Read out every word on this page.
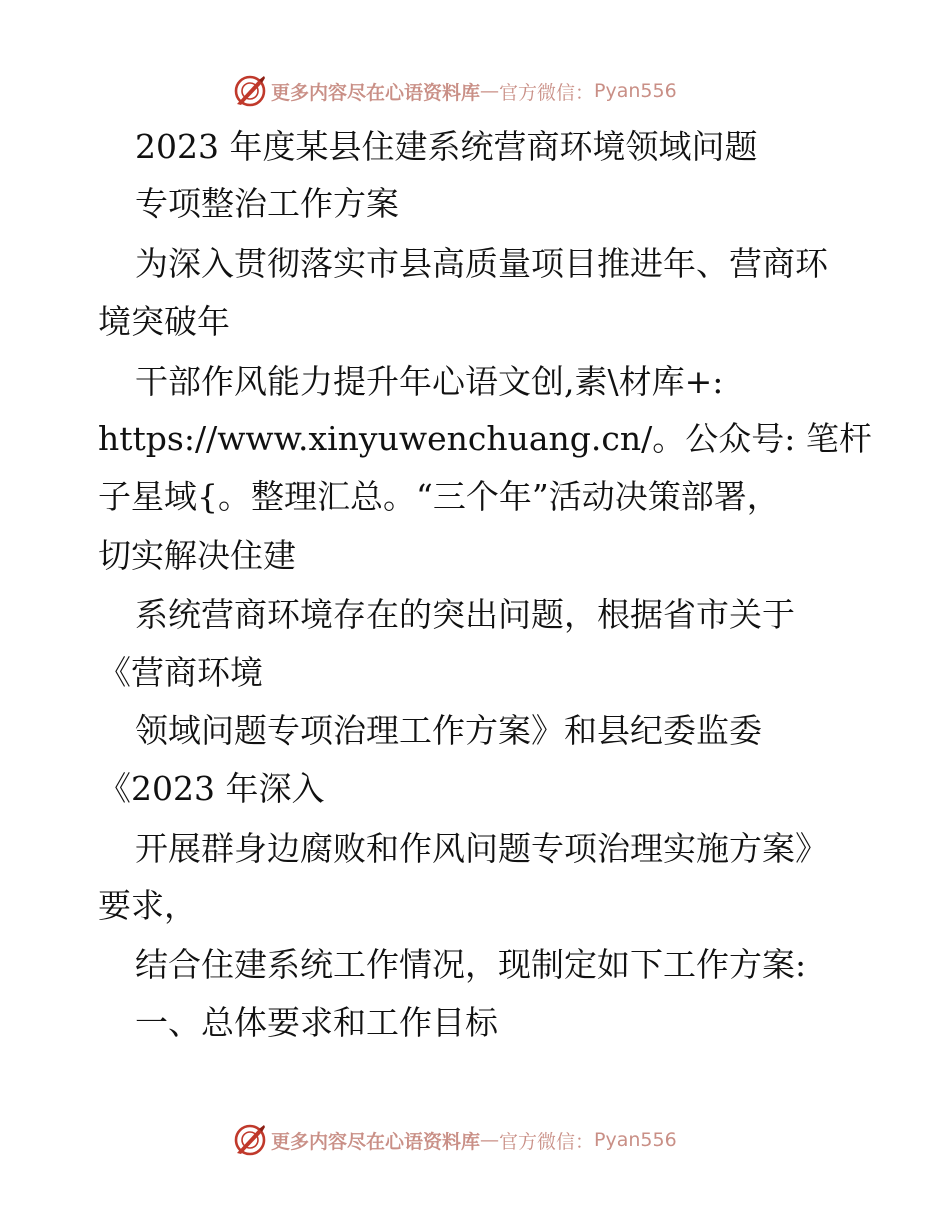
更多内容尽在心语资料库 — 官方微信： Pyan556
2023 年度某县住建系统营商环境领域问题
专项整治工作方案
为深入贯彻落实市县高质量项目推进年、营商环
境突破年
干部作风能力提升年心语文创,素\材库+:
https://www.xinyuwenchuang.cn/。公众号: 笔杆
子星域{。整理汇总。“三个年”活动决策部署，
切实解决住建
系统营商环境存在的突出问题，根据省市关于
《营商环境
领域问题专项治理工作方案》和县纪委监委
《2023 年深入
开展群身边腐败和作风问题专项治理实施方案》
要求，
结合住建系统工作情况，现制定如下工作方案:
一、总体要求和工作目标
更多内容尽在心语资料库 — 官方微信： Pyan556
